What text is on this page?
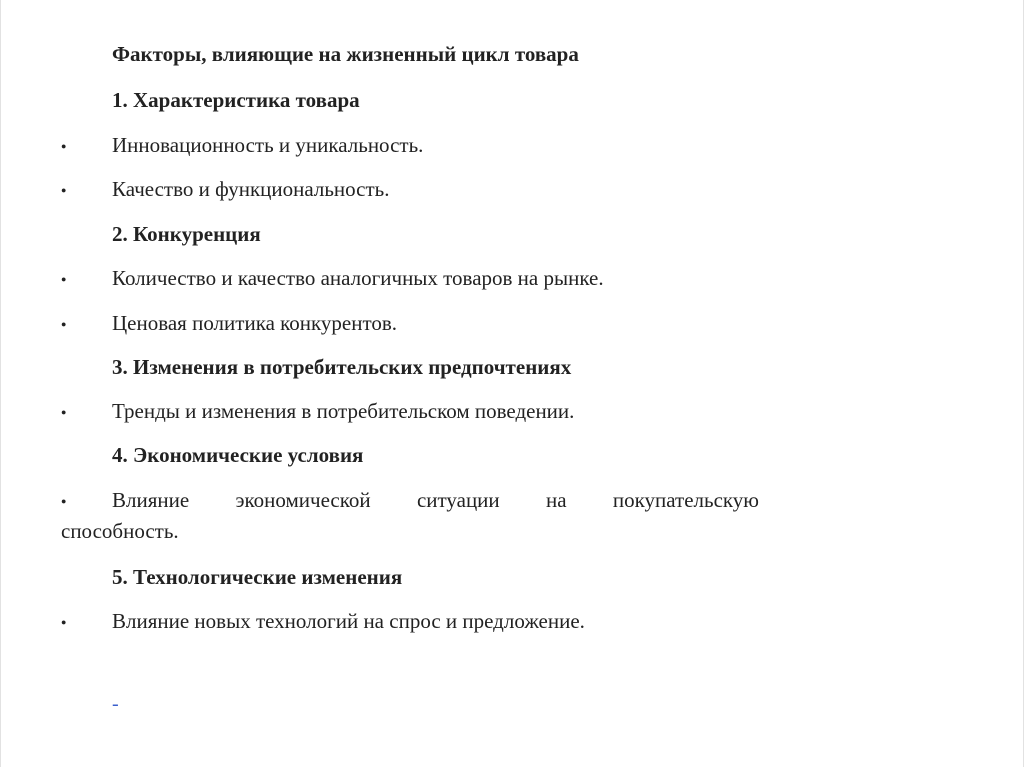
Факторы, влияющие на жизненный цикл товара
1. Характеристика товара
● Инновационность и уникальность.
● Качество и функциональность.
2. Конкуренция
● Количество и качество аналогичных товаров на рынке.
● Ценовая политика конкурентов.
3. Изменения в потребительских предпочтениях
● Тренды и изменения в потребительском поведении.
4. Экономические условия
● Влияние экономической ситуации на покупательскую
способность.
5. Технологические изменения
● Влияние новых технологий на спрос и предложение.
-
